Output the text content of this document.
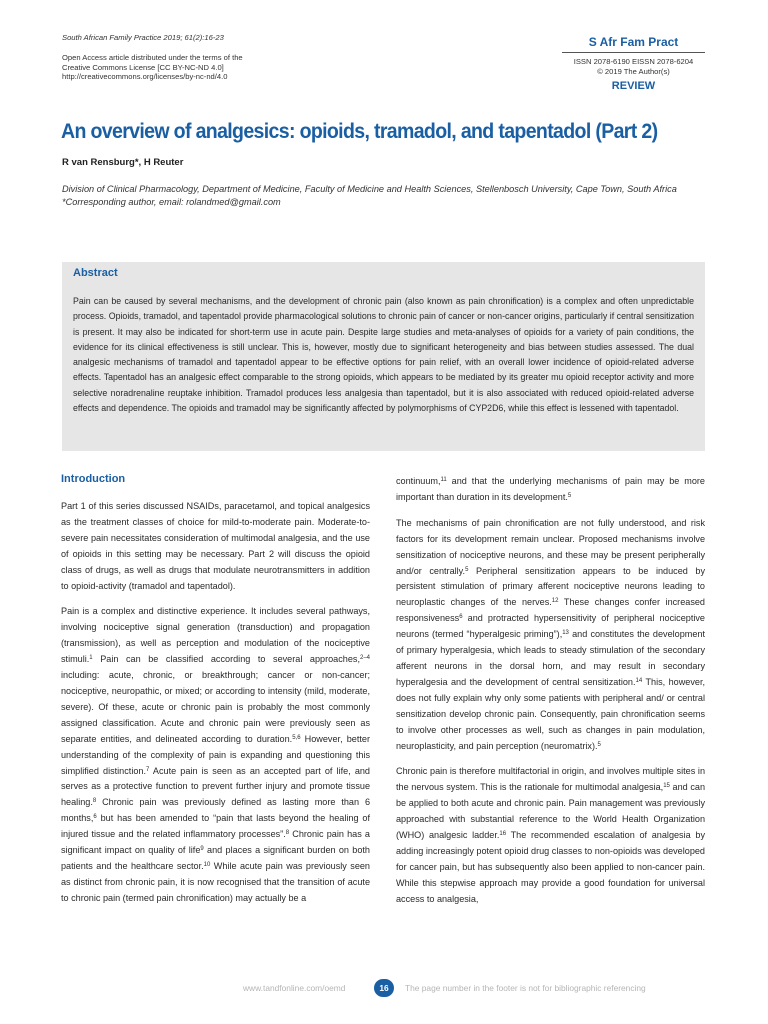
South African Family Practice 2019; 61(2):16-23
Open Access article distributed under the terms of the
Creative Commons License [CC BY-NC-ND 4.0]
http://creativecommons.org/licenses/by-nc-nd/4.0
S Afr Fam Pract
ISSN 2078-6190 EISSN 2078-6204
© 2019 The Author(s)
REVIEW
An overview of analgesics: opioids, tramadol, and tapentadol (Part 2)
R van Rensburg*, H Reuter
Division of Clinical Pharmacology, Department of Medicine, Faculty of Medicine and Health Sciences, Stellenbosch University, Cape Town, South Africa
*Corresponding author, email: rolandmed@gmail.com
Abstract

Pain can be caused by several mechanisms, and the development of chronic pain (also known as pain chronification) is a complex and often unpredictable process. Opioids, tramadol, and tapentadol provide pharmacological solutions to chronic pain of cancer or non-cancer origins, particularly if central sensitization is present. It may also be indicated for short-term use in acute pain. Despite large studies and meta-analyses of opioids for a variety of pain conditions, the evidence for its clinical effectiveness is still unclear. This is, however, mostly due to significant heterogeneity and bias between studies assessed. The dual analgesic mechanisms of tramadol and tapentadol appear to be effective options for pain relief, with an overall lower incidence of opioid-related adverse effects. Tapentadol has an analgesic effect comparable to the strong opioids, which appears to be mediated by its greater mu opioid receptor activity and more selective noradrenaline reuptake inhibition. Tramadol produces less analgesia than tapentadol, but it is also associated with reduced opioid-related adverse effects and dependence. The opioids and tramadol may be significantly affected by polymorphisms of CYP2D6, while this effect is lessened with tapentadol.

Introduction

Part 1 of this series discussed NSAIDs, paracetamol, and topical analgesics as the treatment classes of choice for mild-to-moderate pain. Moderate-to-severe pain necessitates consideration of multimodal analgesia, and the use of opioids in this setting may be necessary. Part 2 will discuss the opioid class of drugs, as well as drugs that modulate neurotransmitters in addition to opioid-activity (tramadol and tapentadol).

Pain is a complex and distinctive experience. It includes several pathways, involving nociceptive signal generation (transduction) and propagation (transmission), as well as perception and modulation of the nociceptive stimuli.$^1$ Pain can be classified according to several approaches,$^{2-4}$ including: acute, chronic, or breakthrough; cancer or non-cancer; nociceptive, neuropathic, or mixed; or according to intensity (mild, moderate, severe). Of these, acute or chronic pain is probably the most commonly assigned classification. Acute and chronic pain were previously seen as separate entities, and delineated according to duration.$^{5,6}$ However, better understanding of the complexity of pain is expanding and questioning this simplified distinction.$^7$ Acute pain is seen as an accepted part of life, and serves as a protective function to prevent further injury and promote tissue healing.$^8$ Chronic pain was previously defined as lasting more than 6 months,$^6$ but has been amended to “pain that lasts beyond the healing of injured tissue and the related inflammatory processes”.$^8$ Chronic pain has a significant impact on quality of life$^9$ and places a significant burden on both patients and the healthcare sector.$^{10}$ While acute pain was previously seen as distinct from chronic pain, it is now recognised that the transition of acute to chronic pain (termed pain chronification) may actually be a

continuum,$^{11}$ and that the underlying mechanisms of pain may be more important than duration in its development.$^5$

The mechanisms of pain chronification are not fully understood, and risk factors for its development remain unclear. Proposed mechanisms involve sensitization of nociceptive neurons, and these may be present peripherally and/or centrally.$^5$ Peripheral sensitization appears to be induced by persistent stimulation of primary afferent nociceptive neurons leading to neuroplastic changes of the nerves.$^{12}$ These changes confer increased responsiveness$^6$ and protracted hypersensitivity of peripheral nociceptive neurons (termed “hyperalgesic priming”),$^{13}$ and constitutes the development of primary hyperalgesia, which leads to steady stimulation of the secondary afferent neurons in the dorsal horn, and may result in secondary hyperalgesia and the development of central sensitization.$^{14}$ This, however, does not fully explain why only some patients with peripheral and/ or central sensitization develop chronic pain. Consequently, pain chronification seems to involve other processes as well, such as changes in pain modulation, neuroplasticity, and pain perception (neuromatrix).$^5$

Chronic pain is therefore multifactorial in origin, and involves multiple sites in the nervous system. This is the rationale for multimodal analgesia,$^{15}$ and can be applied to both acute and chronic pain. Pain management was previously approached with substantial reference to the World Health Organization (WHO) analgesic ladder.$^{16}$ The recommended escalation of analgesia by adding increasingly potent opioid drug classes to non-opioids was developed for cancer pain, but has subsequently also been applied to non-cancer pain. While this stepwise approach may provide a good foundation for universal access to analgesia,

www.tandfonline.com/oemd	16	The page number in the footer is not for bibliographic referencing
